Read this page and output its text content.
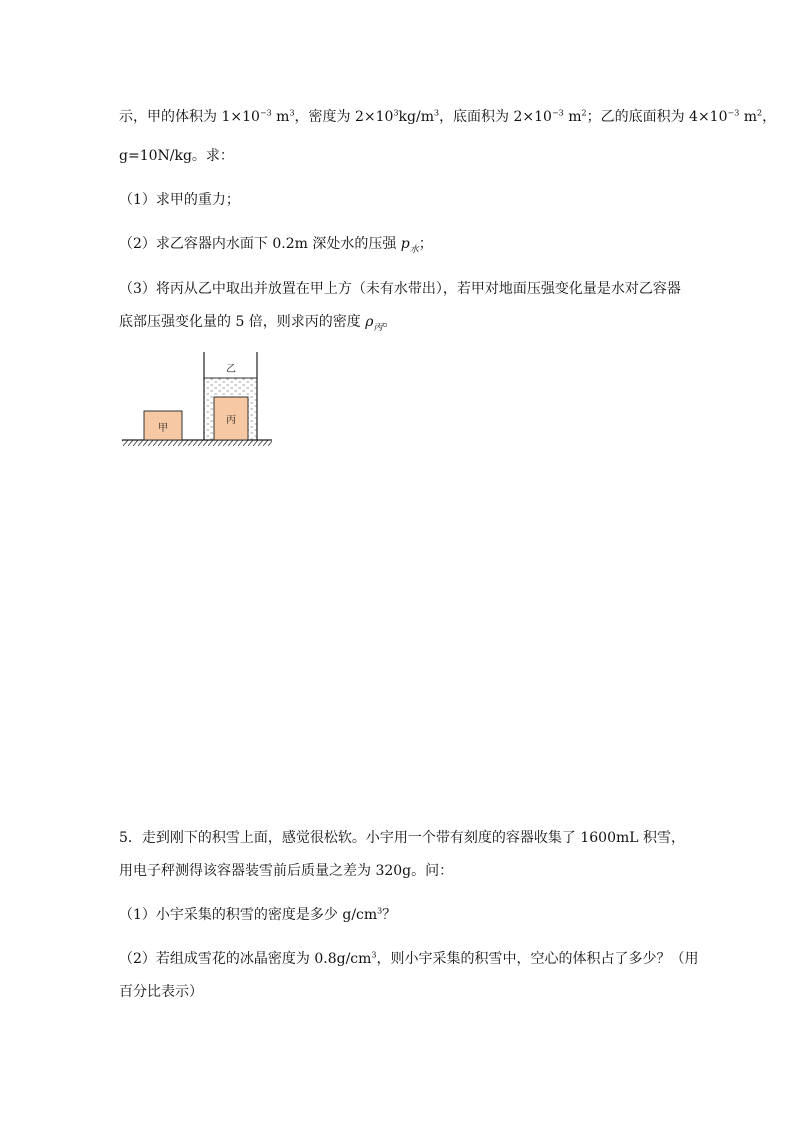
示，甲的体积为 $1\times 10^{-3}$ $m^3$，密度为 $2\times 10^3kg/m^3$，底面积为 $2\times 10^{-3}$ $m^2$；乙的底面积为 $4\times 10^{-3}$ $m^2$，
g=10N/kg。求：
（1）求甲的重力；
（2）求乙容器内水面下 0.2m 深处水的压强 $p_水$；
（3）将丙从乙中取出并放置在甲上方（未有水带出），若甲对地面压强变化量是水对乙容器
底部压强变化量的 5 倍，则求丙的密度 $\rho_丙$。
甲
乙
丙
5．走到刚下的积雪上面，感觉很松软。小宇用一个带有刻度的容器收集了 1600mL 积雪，
用电子秤测得该容器装雪前后质量之差为 320g。问：
（1）小宇采集的积雪的密度是多少 $g/cm^3$？
（2）若组成雪花的冰晶密度为 $0.8g/cm^3$，则小宇采集的积雪中，空心的体积占了多少？（用
百分比表示）
